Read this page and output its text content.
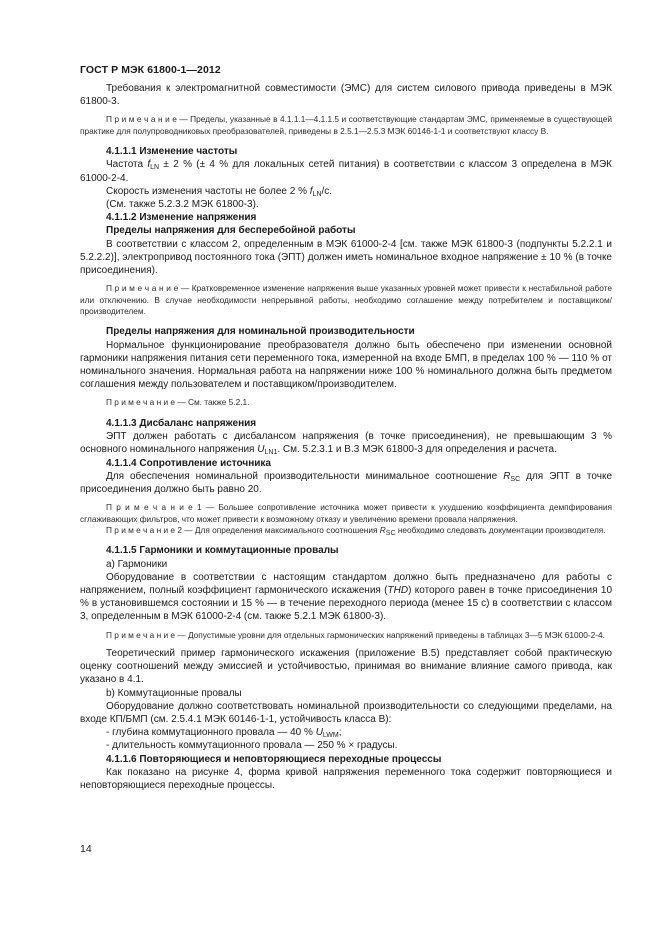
ГОСТ Р МЭК 61800-1—2012

Требования к электромагнитной совместимости (ЭМС) для систем силового привода приведены в МЭК 61800-3.

П р и м е ч а н и е — Пределы, указанные в 4.1.1.1—4.1.1.5 и соответствующие стандартам ЭМС, применяемые в существующей практике для полупроводниковых преобразователей, приведены в 2.5.1—2.5.3 МЭК 60146-1-1 и соответствуют классу В.

4.1.1.1 Изменение частоты

Частота $f_{LN} \pm 2$ % (± 4 % для локальных сетей питания) в соответствии с классом 3 определена в МЭК 61000-2-4.

Скорость изменения частоты не более 2 % $f_{LN}/с$.

(См. также 5.2.3.2 МЭК 61800-3).

4.1.1.2 Изменение напряжения

Пределы напряжения для бесперебойной работы

В соответствии с классом 2, определенным в МЭК 61000-2-4 [см. также МЭК 61800-3 (подпункты 5.2.2.1 и 5.2.2.2)], электропривод постоянного тока (ЭПТ) должен иметь номинальное входное напряжение ± 10 % (в точке присоединения).

П р и м е ч а н и е — Кратковременное изменение напряжения выше указанных уровней может привести к нестабильной работе или отключению. В случае необходимости непрерывной работы, необходимо соглашение между потребителем и поставщиком/производителем.

Пределы напряжения для номинальной производительности

Нормальное функционирование преобразователя должно быть обеспечено при изменении основной гармоники напряжения питания сети переменного тока, измеренной на входе БМП, в пределах 100 % — 110 % от номинального значения. Нормальная работа на напряжении ниже 100 % номинального должна быть предметом соглашения между пользователем и поставщиком/производителем.

П р и м е ч а н и е — См. также 5.2.1.

4.1.1.3 Дисбаланс напряжения

ЭПТ должен работать с дисбалансом напряжения (в точке присоединения), не превышающим 3 % основного номинального напряжения $U_{LN1}$. См. 5.2.3.1 и В.3 МЭК 61800-3 для определения и расчета.

4.1.1.4 Сопротивление источника

Для обеспечения номинальной производительности минимальное соотношение $R_{SC}$ для ЭПТ в точке присоединения должно быть равно 20.

П р и м е ч а н и е 1 — Большее сопротивление источника может привести к ухудшению коэффициента демпфирования сглаживающих фильтров, что может привести к возможному отказу и увеличению времени провала напряжения.

П р и м е ч а н и е 2 — Для определения максимального соотношения $R_{SC}$ необходимо следовать документации производителя.

4.1.1.5 Гармоники и коммутационные провалы

а) Гармоники

Оборудование в соответствии с настоящим стандартом должно быть предназначено для работы с напряжением, полный коэффициент гармонического искажения (THD) которого равен в точке присоединения 10 % в установившемся состоянии и 15 % — в течение переходного периода (менее 15 с) в соответствии с классом 3, определенным в МЭК 61000-2-4 (см. также 5.2.1 МЭК 61800-3).

П р и м е ч а н и е — Допустимые уровни для отдельных гармонических напряжений приведены в таблицах 3—5 МЭК 61000-2-4.

Теоретический пример гармонического искажения (приложение В.5) представляет собой практическую оценку соотношений между эмиссией и устойчивостью, принимая во внимание влияние самого привода, как указано в 4.1.

b) Коммутационные провалы

Оборудование должно соответствовать номинальной производительности со следующими пределами, на входе КП/БМП (см. 2.5.4.1 МЭК 60146-1-1, устойчивость класса В):

- глубина коммутационного провала — 40 % $U_{LWM}$;

- длительность коммутационного провала — 250 % × градусы.

4.1.1.6 Повторяющиеся и неповторяющиеся переходные процессы

Как показано на рисунке 4, форма кривой напряжения переменного тока содержит повторяющиеся и неповторяющиеся переходные процессы.

14
